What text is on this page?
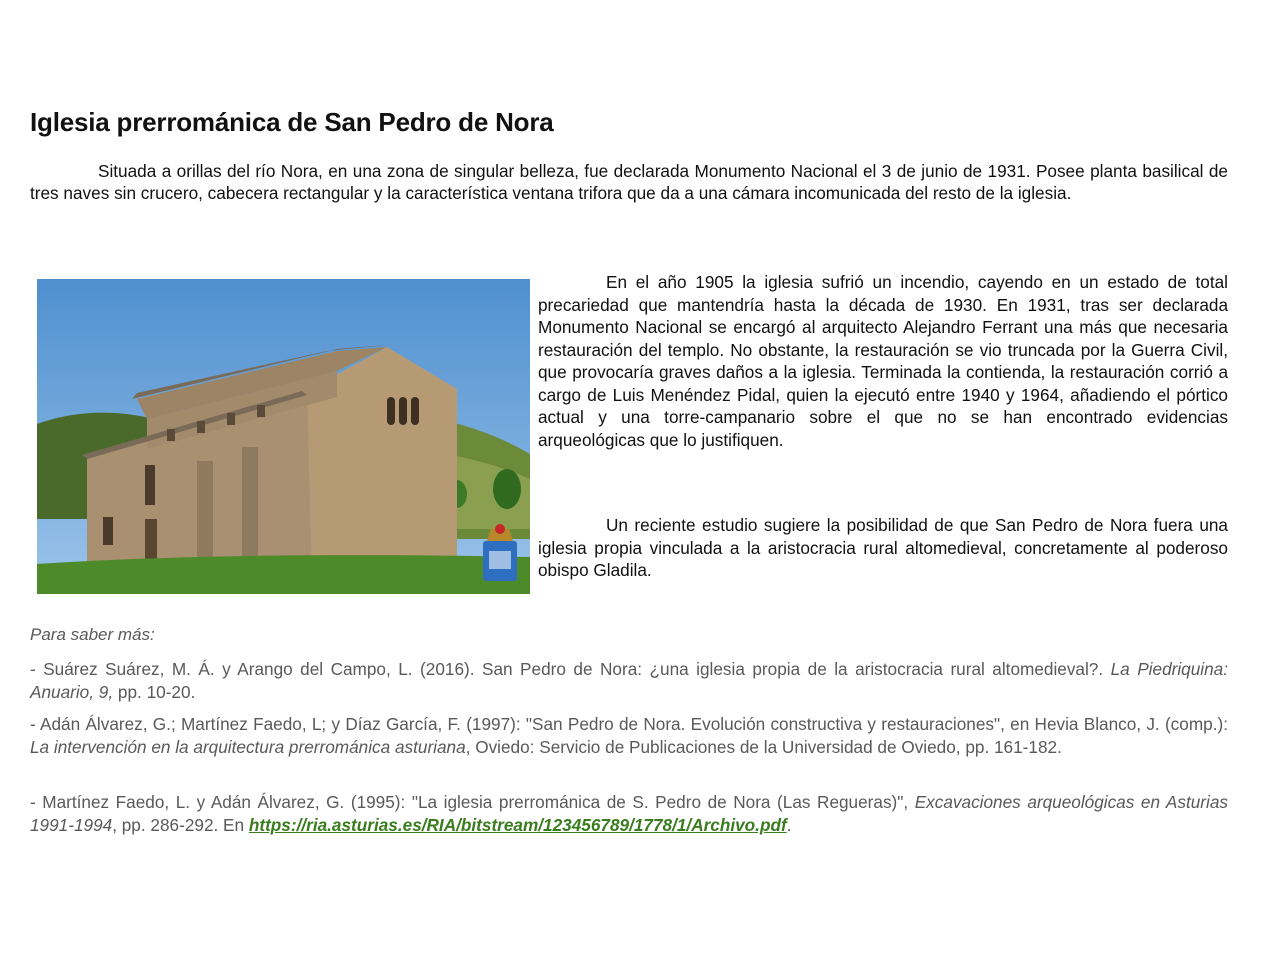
Iglesia prerrománica de San Pedro de Nora

Situada a orillas del río Nora, en una zona de singular belleza, fue declarada Monumento Nacional el 3 de junio de 1931. Posee planta basilical de tres naves sin crucero, cabecera rectangular y la característica ventana trifora que da a una cámara incomunicada del resto de la iglesia.

En el año 1905 la iglesia sufrió un incendio, cayendo en un estado de total precariedad que mantendría hasta la década de 1930. En 1931, tras ser declarada Monumento Nacional se encargó al arquitecto Alejandro Ferrant una más que necesaria restauración del templo. No obstante, la restauración se vio truncada por la Guerra Civil, que provocaría graves daños a la iglesia. Terminada la contienda, la restauración corrió a cargo de Luis Menéndez Pidal, quien la ejecutó entre 1940 y 1964, añadiendo el pórtico actual y una torre-campanario sobre el que no se han encontrado evidencias arqueológicas que lo justifiquen.

Un reciente estudio sugiere la posibilidad de que San Pedro de Nora fuera una iglesia propia vinculada a la aristocracia rural altomedieval, concretamente al poderoso obispo Gladila.

Para saber más:

- Suárez Suárez, M. Á. y Arango del Campo, L. (2016). San Pedro de Nora: ¿una iglesia propia de la aristocracia rural altomedieval?. La Piedriquina: Anuario, 9, pp. 10-20.

- Adán Álvarez, G.; Martínez Faedo, L; y Díaz García, F. (1997): "San Pedro de Nora. Evolución constructiva y restauraciones", en Hevia Blanco, J. (comp.): La intervención en la arquitectura prerrománica asturiana, Oviedo: Servicio de Publicaciones de la Universidad de Oviedo, pp. 161-182.

- Martínez Faedo, L. y Adán Álvarez, G. (1995): "La iglesia prerrománica de S. Pedro de Nora (Las Regueras)", Excavaciones arqueológicas en Asturias 1991-1994, pp. 286-292. En https://ria.asturias.es/RIA/bitstream/123456789/1778/1/Archivo.pdf.
